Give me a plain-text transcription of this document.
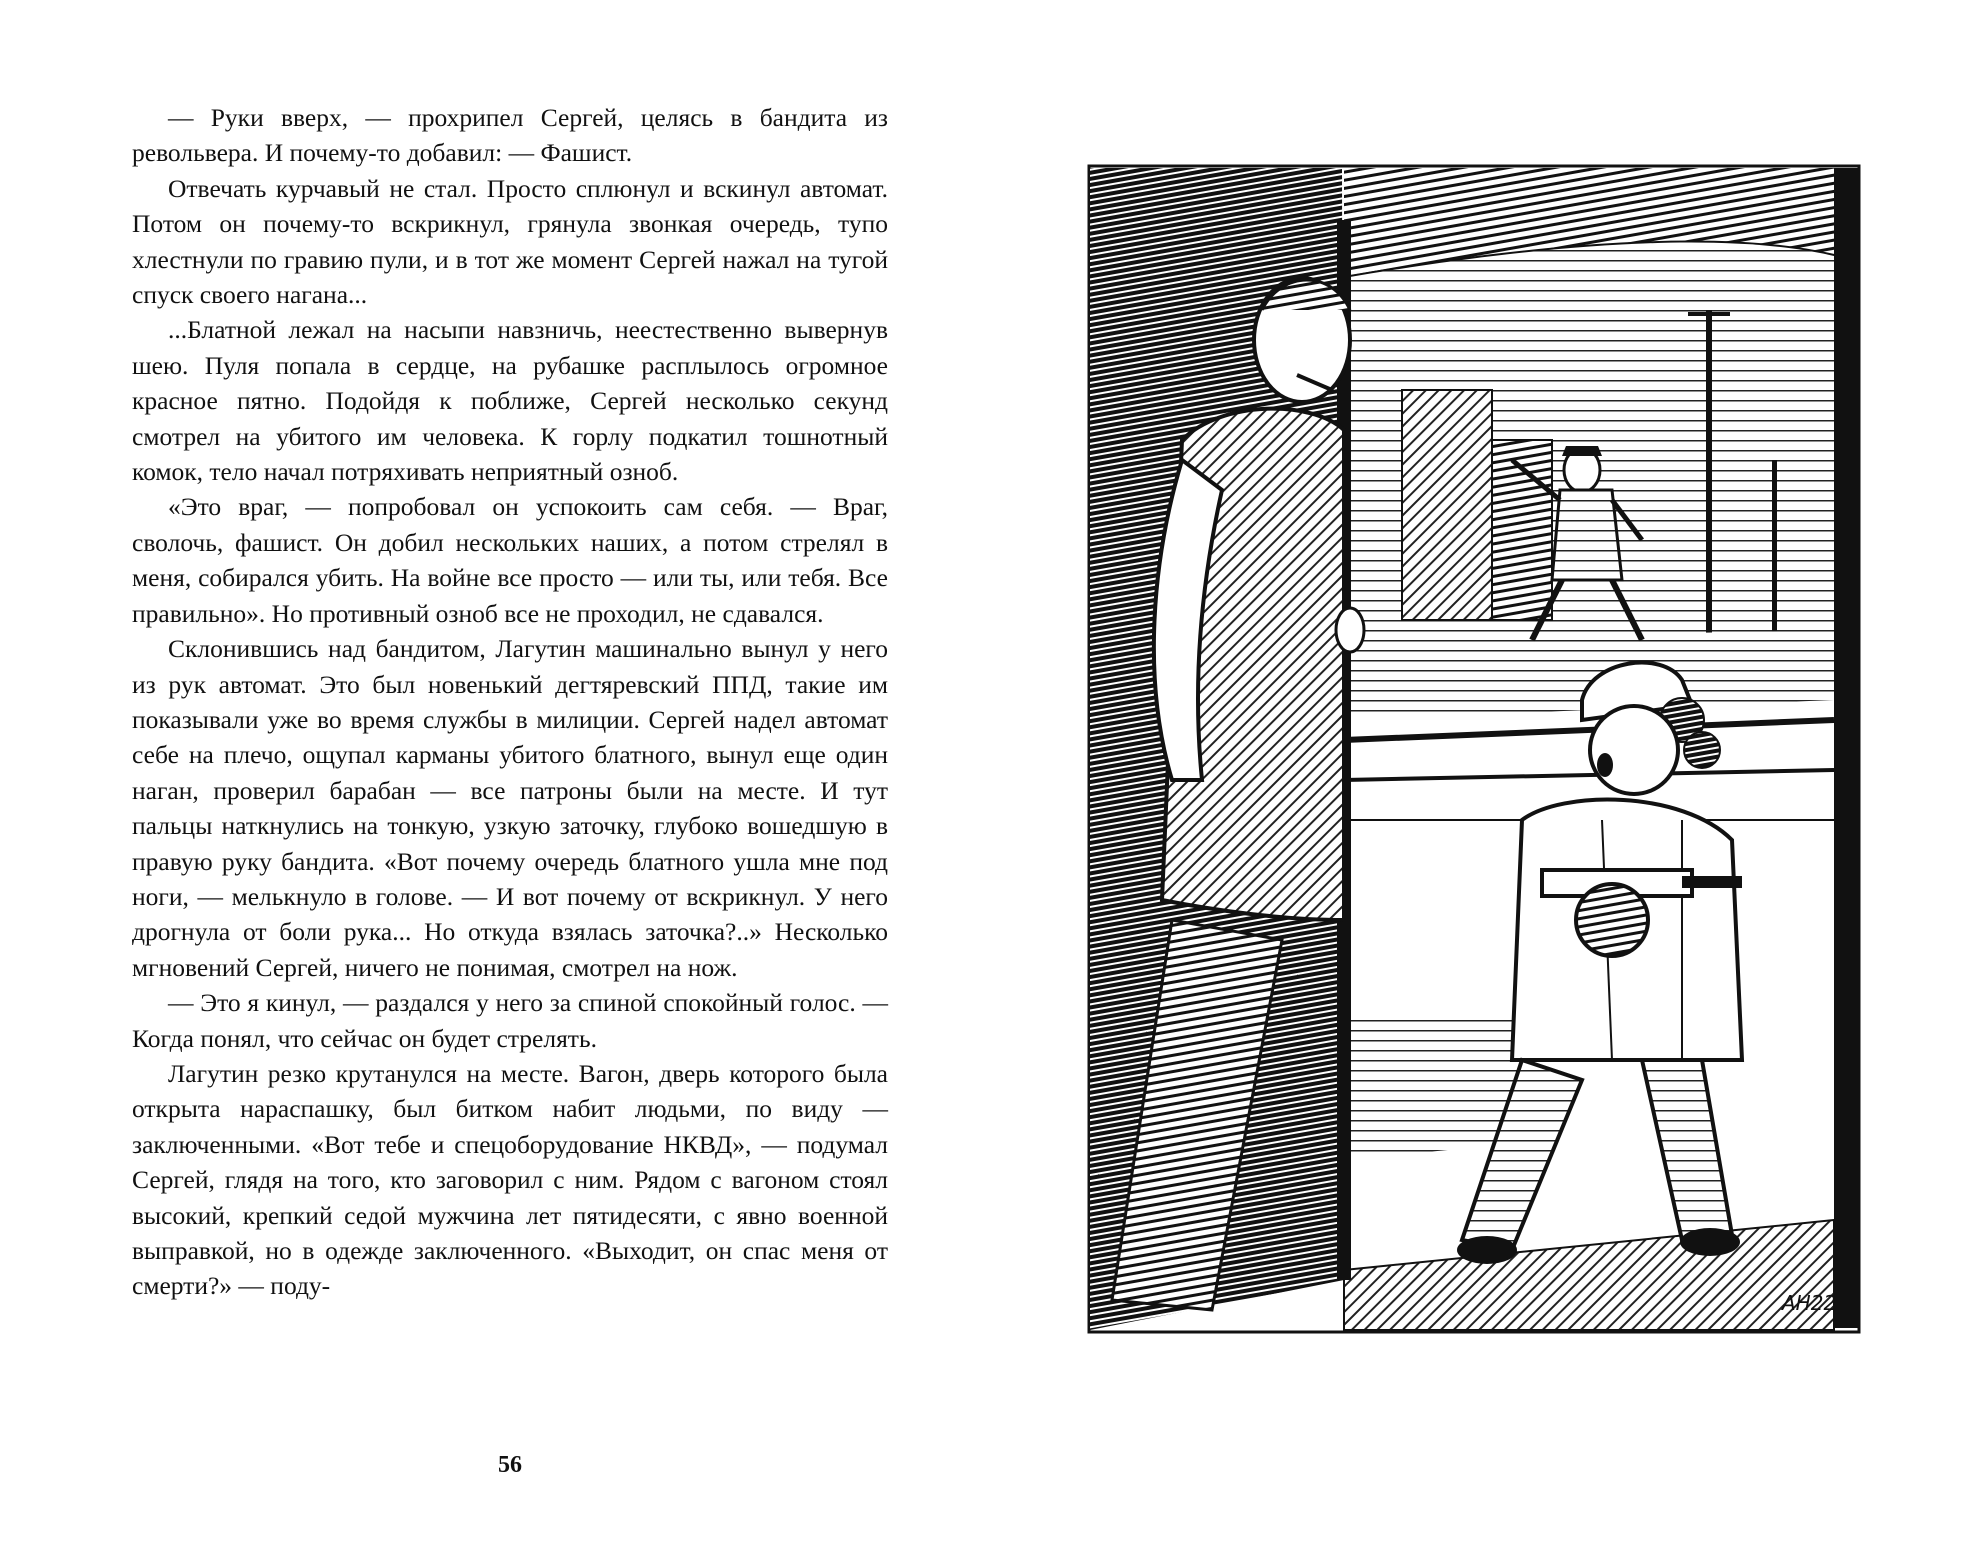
— Руки вверх, — прохрипел Сергей, целясь в бандита из револьвера. И почему-то добавил: — Фашист.

Отвечать курчавый не стал. Просто сплюнул и вскинул автомат. Потом он почему-то вскрикнул, грянула звонкая очередь, тупо хлестнули по гравию пули, и в тот же момент Сергей нажал на тугой спуск своего нагана...

...Блатной лежал на насыпи навзничь, неестественно вывернув шею. Пуля попала в сердце, на рубашке расплылось огромное красное пятно. Подойдя к поближе, Сергей несколько секунд смотрел на убитого им человека. К горлу подкатил тошнотный комок, тело начал потряхивать неприятный озноб.

«Это враг, — попробовал он успокоить сам себя. — Враг, сволочь, фашист. Он добил нескольких наших, а потом стрелял в меня, собирался убить. На войне все просто — или ты, или тебя. Все правильно». Но противный озноб все не проходил, не сдавался.

Склонившись над бандитом, Лагутин машинально вынул у него из рук автомат. Это был новенький дегтяревский ППД, такие им показывали уже во время службы в милиции. Сергей надел автомат себе на плечо, ощупал карманы убитого блатного, вынул еще один наган, проверил барабан — все патроны были на месте. И тут пальцы наткнулись на тонкую, узкую заточку, глубоко вошедшую в правую руку бандита. «Вот почему очередь блатного ушла мне под ноги, — мелькнуло в голове. — И вот почему от вскрикнул. У него дрогнула от боли рука... Но откуда взялась заточка?..» Несколько мгновений Сергей, ничего не понимая, смотрел на нож.

— Это я кинул, — раздался у него за спиной спокойный голос. — Когда понял, что сейчас он будет стрелять.

Лагутин резко крутанулся на месте. Вагон, дверь которого была открыта нараспашку, был битком набит людьми, по виду — заключенными. «Вот тебе и спецоборудование НКВД», — подумал Сергей, глядя на того, кто заговорил с ним. Рядом с вагоном стоял высокий, крепкий седой мужчина лет пятидесяти, с явно военной выправкой, но в одежде заключенного. «Выходит, он спас меня от смерти?» — поду-

56
АН22
